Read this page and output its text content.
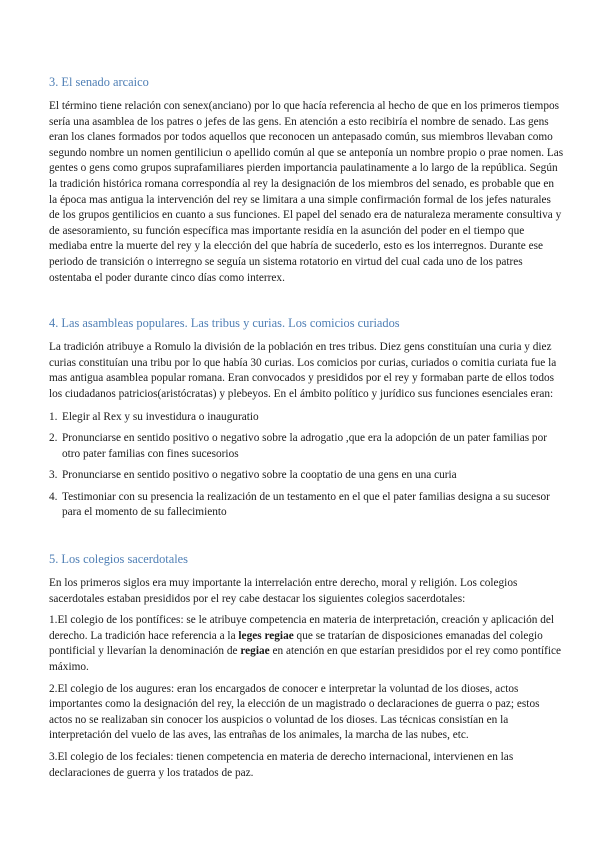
3. El senado arcaico

El término tiene relación con senex(anciano) por lo que hacía referencia al hecho de que en los primeros tiempos sería una asamblea de los patres o jefes de las gens. En atención a esto recibiría el nombre de senado. Las gens eran los clanes formados por todos aquellos que reconocen un antepasado común, sus miembros llevaban como segundo nombre un nomen gentiliciun o apellido común al que se anteponía un nombre propio o prae nomen. Las gentes o gens como grupos suprafamiliares pierden importancia paulatinamente a lo largo de la república. Según la tradición histórica romana correspondía al rey la designación de los miembros del senado, es probable que en la época mas antigua la intervención del rey se limitara a una simple confirmación formal de los jefes naturales de los grupos gentilicios en cuanto a sus funciones. El papel del senado era de naturaleza meramente consultiva y de asesoramiento, su función específica mas importante residía en la asunción del poder en el tiempo que mediaba entre la muerte del rey y la elección del que habría de sucederlo, esto es los interregnos. Durante ese periodo de transición o interregno se seguía un sistema rotatorio en virtud del cual cada uno de los patres ostentaba el poder durante cinco días como interrex.

4. Las asambleas populares. Las tribus y curias. Los comicios curiados

La tradición atribuye a Romulo la división de la población en tres tribus. Diez gens constituían una curia y diez curias constituían una tribu por lo que había 30 curias. Los comicios por curias, curiados o comitia curiata fue la mas antigua asamblea popular romana. Eran convocados y presididos por el rey y formaban parte de ellos todos los ciudadanos patricios(aristócratas) y plebeyos. En el ámbito político y jurídico sus funciones esenciales eran:

1. Elegir al Rex y su investidura o inauguratio
2. Pronunciarse en sentido positivo o negativo sobre la adrogatio ,que era la adopción de un pater familias por otro pater familias con fines sucesorios
3. Pronunciarse en sentido positivo o negativo sobre la cooptatio de una gens en una curia
4. Testimoniar con su presencia la realización de un testamento en el que el pater familias designa a su sucesor para el momento de su fallecimiento
5. Los colegios sacerdotales

En los primeros siglos era muy importante la interrelación entre derecho, moral y religión. Los colegios sacerdotales estaban presididos por el rey cabe destacar los siguientes colegios sacerdotales:

1.El colegio de los pontífices: se le atribuye competencia en materia de interpretación, creación y aplicación del derecho. La tradición hace referencia a la leges regiae que se tratarían de disposiciones emanadas del colegio pontificial y llevarían la denominación de regiae en atención en que estarían presididos por el rey como pontífice máximo.

2.El colegio de los augures: eran los encargados de conocer e interpretar la voluntad de los dioses, actos importantes como la designación del rey, la elección de un magistrado o declaraciones de guerra o paz; estos actos no se realizaban sin conocer los auspicios o voluntad de los dioses. Las técnicas consistían en la interpretación del vuelo de las aves, las entrañas de los animales, la marcha de las nubes, etc.

3.El colegio de los feciales: tienen competencia en materia de derecho internacional, intervienen en las declaraciones de guerra y los tratados de paz.
